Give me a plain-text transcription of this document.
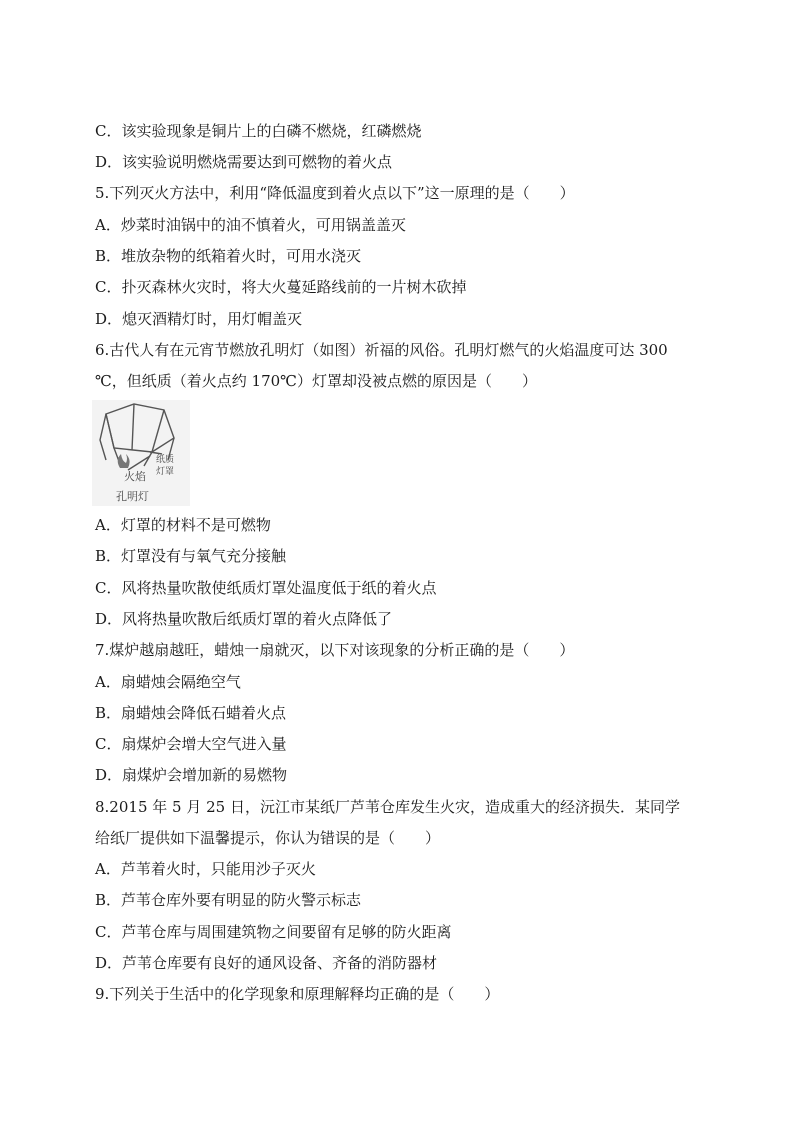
C．该实验现象是铜片上的白磷不燃烧，红磷燃烧
D．该实验说明燃烧需要达到可燃物的着火点
5.下列灭火方法中，利用“降低温度到着火点以下”这一原理的是（　　）
A．炒菜时油锅中的油不慎着火，可用锅盖盖灭
B．堆放杂物的纸箱着火时，可用水浇灭
C．扑灭森林火灾时，将大火蔓延路线前的一片树木砍掉
D．熄灭酒精灯时，用灯帽盖灭
6.古代人有在元宵节燃放孔明灯（如图）祈福的风俗。孔明灯燃气的火焰温度可达 300
℃，但纸质（着火点约 170℃）灯罩却没被点燃的原因是（　　）
火焰
纸质
灯罩
孔明灯
A．灯罩的材料不是可燃物
B．灯罩没有与氧气充分接触
C．风将热量吹散使纸质灯罩处温度低于纸的着火点
D．风将热量吹散后纸质灯罩的着火点降低了
7.煤炉越扇越旺，蜡烛一扇就灭，以下对该现象的分析正确的是（　　）
A．扇蜡烛会隔绝空气
B．扇蜡烛会降低石蜡着火点
C．扇煤炉会增大空气进入量
D．扇煤炉会增加新的易燃物
8.2015 年 5 月 25 日，沅江市某纸厂芦苇仓库发生火灾，造成重大的经济损失．某同学
给纸厂提供如下温馨提示，你认为错误的是（　　）
A．芦苇着火时，只能用沙子灭火
B．芦苇仓库外要有明显的防火警示标志
C．芦苇仓库与周围建筑物之间要留有足够的防火距离
D．芦苇仓库要有良好的通风设备、齐备的消防器材
9.下列关于生活中的化学现象和原理解释均正确的是（　　）
